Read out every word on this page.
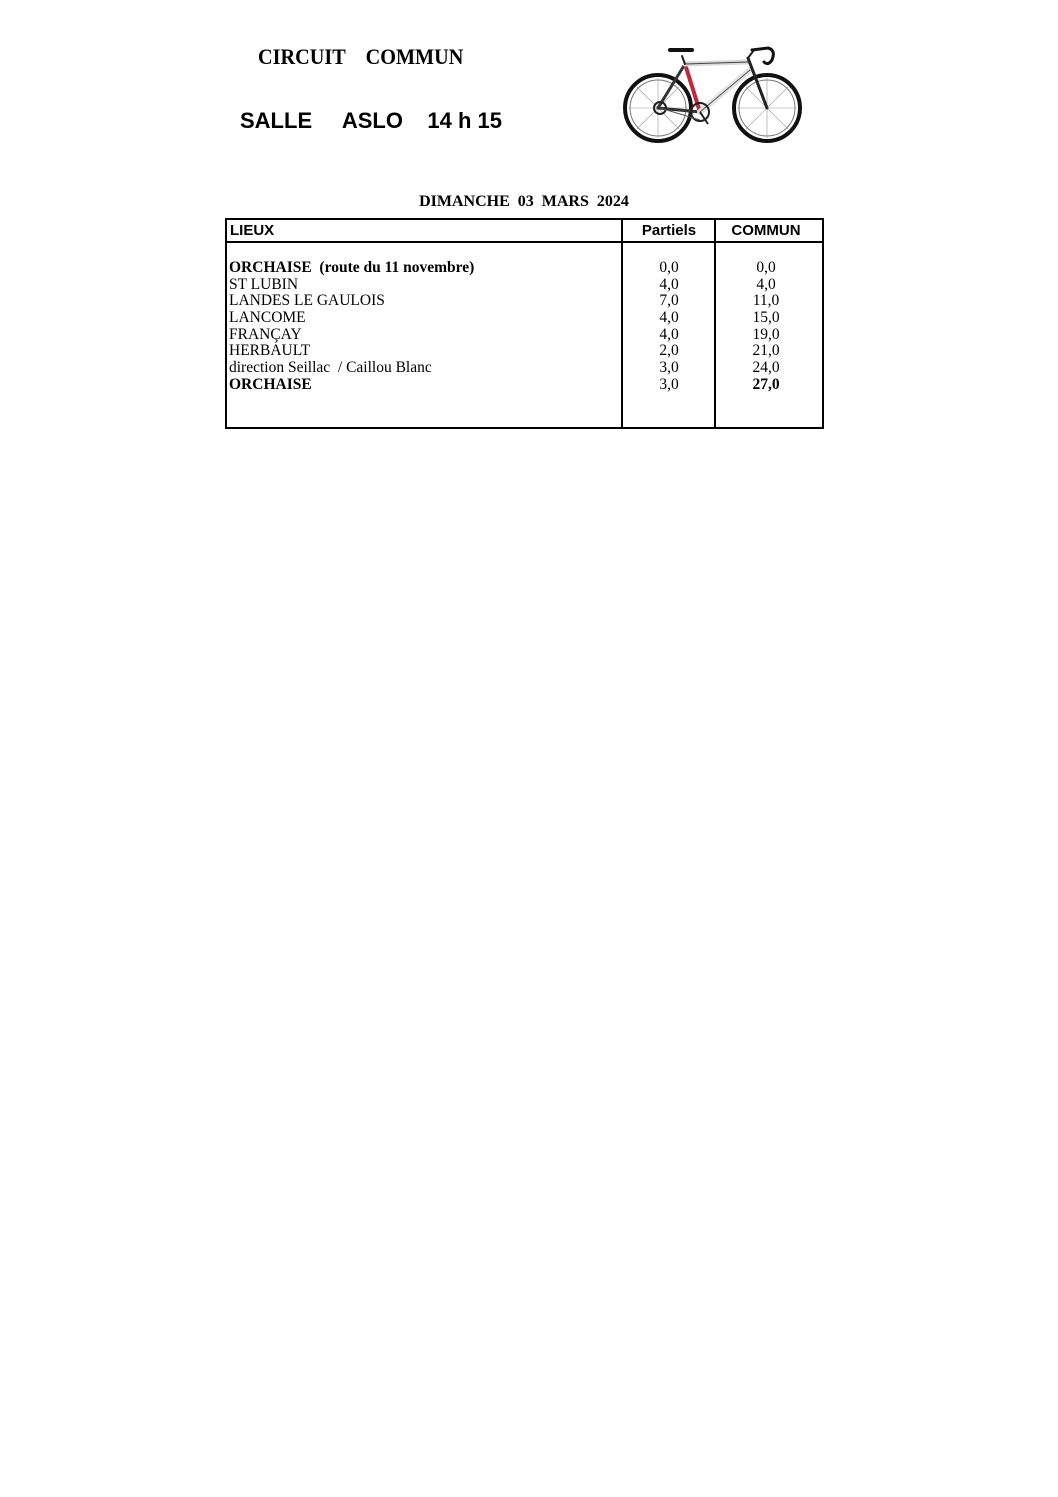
CIRCUIT    COMMUN
SALLE     ASLO    14 h 15
DIMANCHE  03  MARS  2024
LIEUX	Partiels	COMMUN
ORCHAISE  (route du 11 novembre)	0,0	0,0
ST LUBIN	4,0	4,0
LANDES LE GAULOIS	7,0	11,0
LANCOME	4,0	15,0
FRANÇAY	4,0	19,0
HERBAULT	2,0	21,0
direction Seillac  / Caillou Blanc	3,0	24,0
ORCHAISE	3,0	27,0
